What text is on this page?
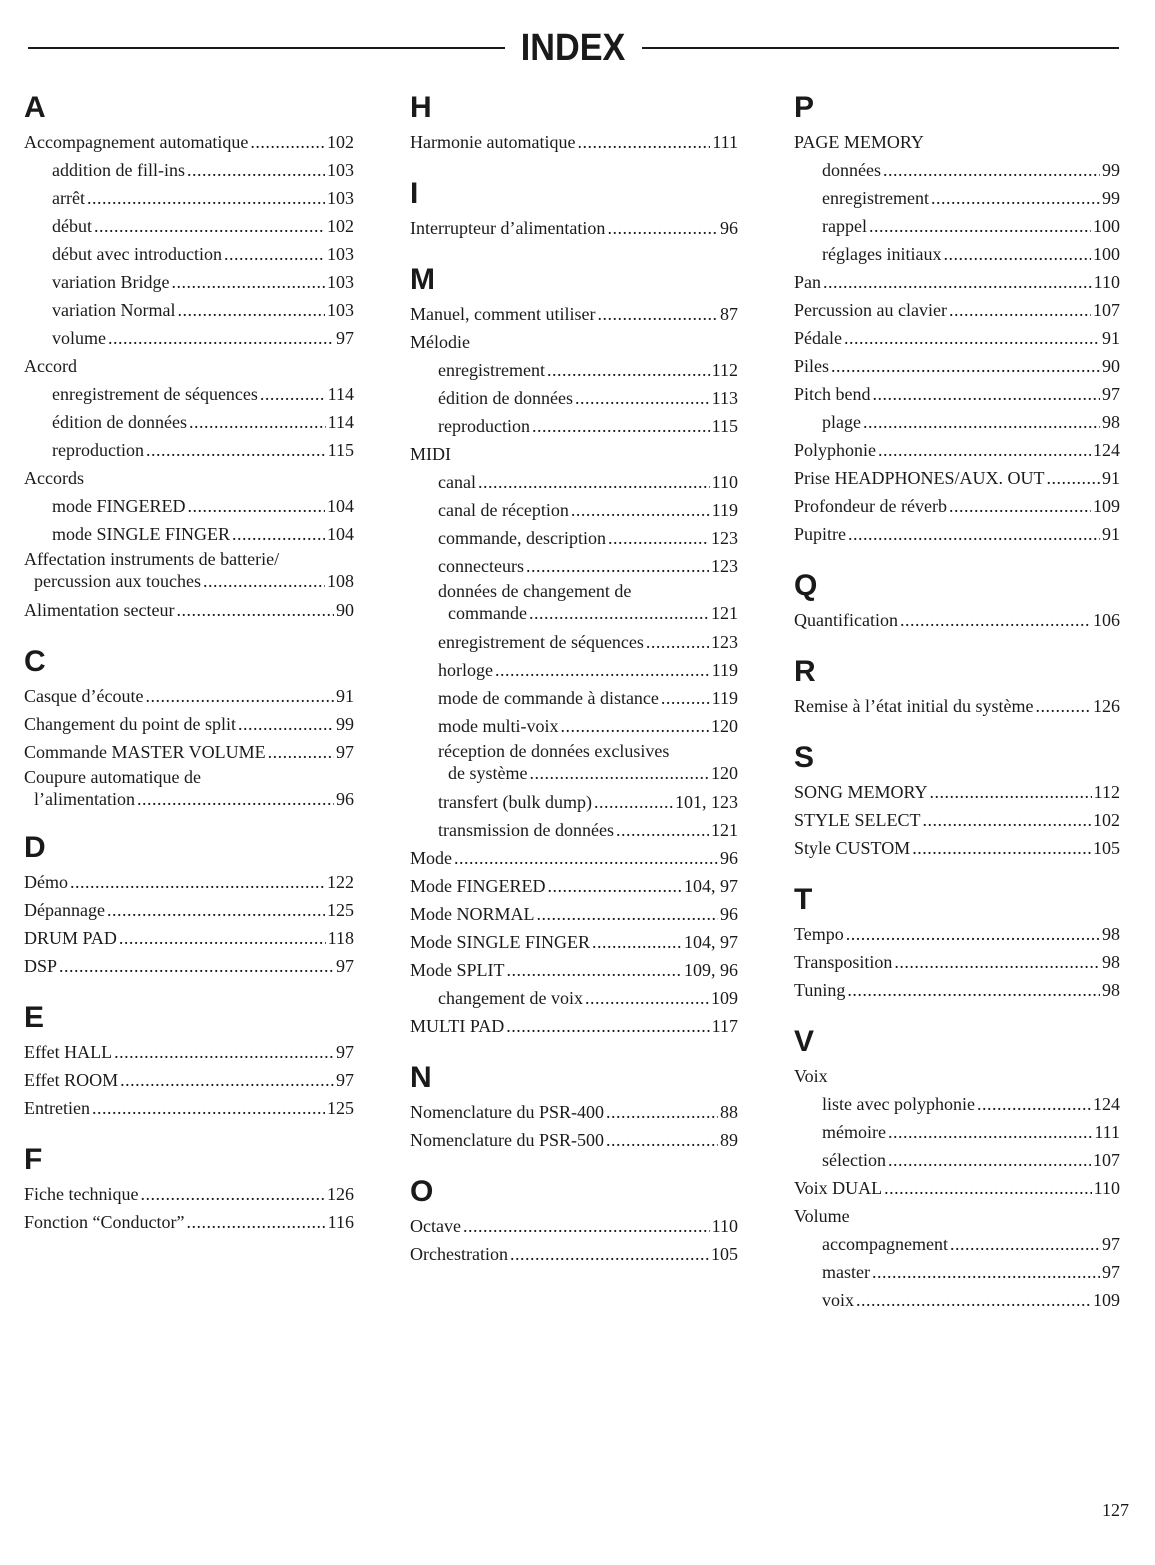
INDEX
A
Accompagnement automatique .....	102
addition de fill-ins .....	103
arrêt .....	103
début .....	102
début avec introduction .....	103
variation Bridge .....	103
variation Normal .....	103
volume .....	97
Accord
enregistrement de séquences .....	114
édition de données .....	114
reproduction .....	115
Accords
mode FINGERED .....	104
mode SINGLE FINGER .....	104
Affectation instruments de batterie/
percussion aux touches .....	108
Alimentation secteur .....	90
C
Casque d’écoute .....	91
Changement du point de split .....	99
Commande MASTER VOLUME .....	97
Coupure automatique de
l’alimentation .....	96
D
Démo .....	122
Dépannage .....	125
DRUM PAD .....	118
DSP .....	97
E
Effet HALL .....	97
Effet ROOM .....	97
Entretien .....	125
F
Fiche technique .....	126
Fonction “Conductor” .....	116
H
Harmonie automatique .....	111
I
Interrupteur d’alimentation .....	96
M
Manuel, comment utiliser .....	87
Mélodie
enregistrement .....	112
édition de données .....	113
reproduction .....	115
MIDI
canal .....	110
canal de réception .....	119
commande, description .....	123
connecteurs .....	123
données de changement de
commande .....	121
enregistrement de séquences .....	123
horloge .....	119
mode de commande à distance .....	119
mode multi-voix .....	120
réception de données exclusives
de système .....	120
transfert (bulk dump) .....	101, 123
transmission de données .....	121
Mode .....	96
Mode FINGERED .....	104, 97
Mode NORMAL .....	96
Mode SINGLE FINGER .....	104, 97
Mode SPLIT .....	109, 96
changement de voix .....	109
MULTI PAD .....	117
N
Nomenclature du PSR-400 .....	88
Nomenclature du PSR-500 .....	89
O
Octave .....	110
Orchestration .....	105
P
PAGE MEMORY
données .....	99
enregistrement .....	99
rappel .....	100
réglages initiaux .....	100
Pan .....	110
Percussion au clavier .....	107
Pédale .....	91
Piles .....	90
Pitch bend .....	97
plage .....	98
Polyphonie .....	124
Prise HEADPHONES/AUX. OUT .....	91
Profondeur de réverb .....	109
Pupitre .....	91
Q
Quantification .....	106
R
Remise à l’état initial du système .....	126
S
SONG MEMORY .....	112
STYLE SELECT .....	102
Style CUSTOM .....	105
T
Tempo .....	98
Transposition .....	98
Tuning .....	98
V
Voix
liste avec polyphonie .....	124
mémoire .....	111
sélection .....	107
Voix DUAL .....	110
Volume
accompagnement .....	97
master .....	97
voix .....	109
127
